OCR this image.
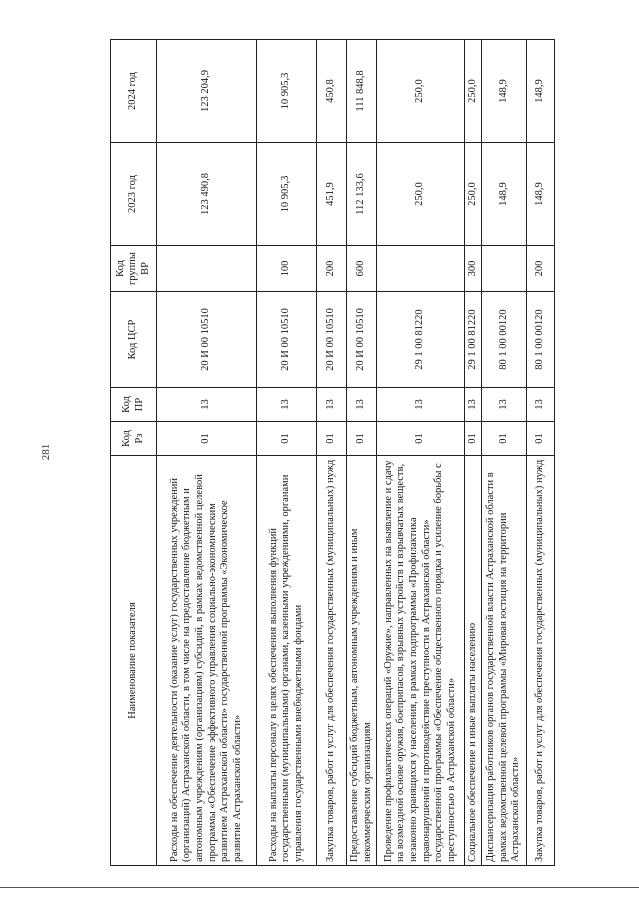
281
Наименование показателя	Код Рз	Код ПР	Код ЦСР	Код группы ВР	2023 год	2024 год
Расходы на обеспечение деятельности (оказание услуг) государственных учреждений (организаций) Астраханской области, в том числе на предоставление бюджетным и автономным учреждениям (организациям) субсидий, в рамках ведомственной целевой программы «Обеспечение эффективного управления социально-экономическим развитием Астраханской области» государственной программы «Экономическое развитие Астраханской области»	01	13	20 И 00 10510		123 490,8	123 204,9
Расходы на выплаты персоналу в целях обеспечения выполнения функций государственными (муниципальными) органами, казенными учреждениями, органами управления государственными внебюджетными фондами	01	13	20 И 00 10510	100	10 905,3	10 905,3
Закупка товаров, работ и услуг для обеспечения государственных (муниципальных) нужд	01	13	20 И 00 10510	200	451,9	450,8
Предоставление субсидий бюджетным, автономным учреждениям и иным некоммерческим организациям	01	13	20 И 00 10510	600	112 133,6	111 848,8
Проведение профилактических операций «Оружие», направленных на выявление и сдачу на возмездной основе оружия, боеприпасов, взрывных устройств и взрывчатых веществ, незаконно хранящихся у населения, в рамках подпрограммы «Профилактика правонарушений и противодействие преступности в Астраханской области» государственной программы «Обеспечение общественного порядка и усиление борьбы с преступностью в Астраханской области»	01	13	29 1 00 81220		250,0	250,0
Социальное обеспечение и иные выплаты населению	01	13	29 1 00 81220	300	250,0	250,0
Диспансеризация работников органов государственной власти Астраханской области в рамках ведомственной целевой программы «Мировая юстиция на территории Астраханской области»	01	13	80 1 00 00120		148,9	148,9
Закупка товаров, работ и услуг для обеспечения государственных (муниципальных) нужд	01	13	80 1 00 00120	200	148,9	148,9
